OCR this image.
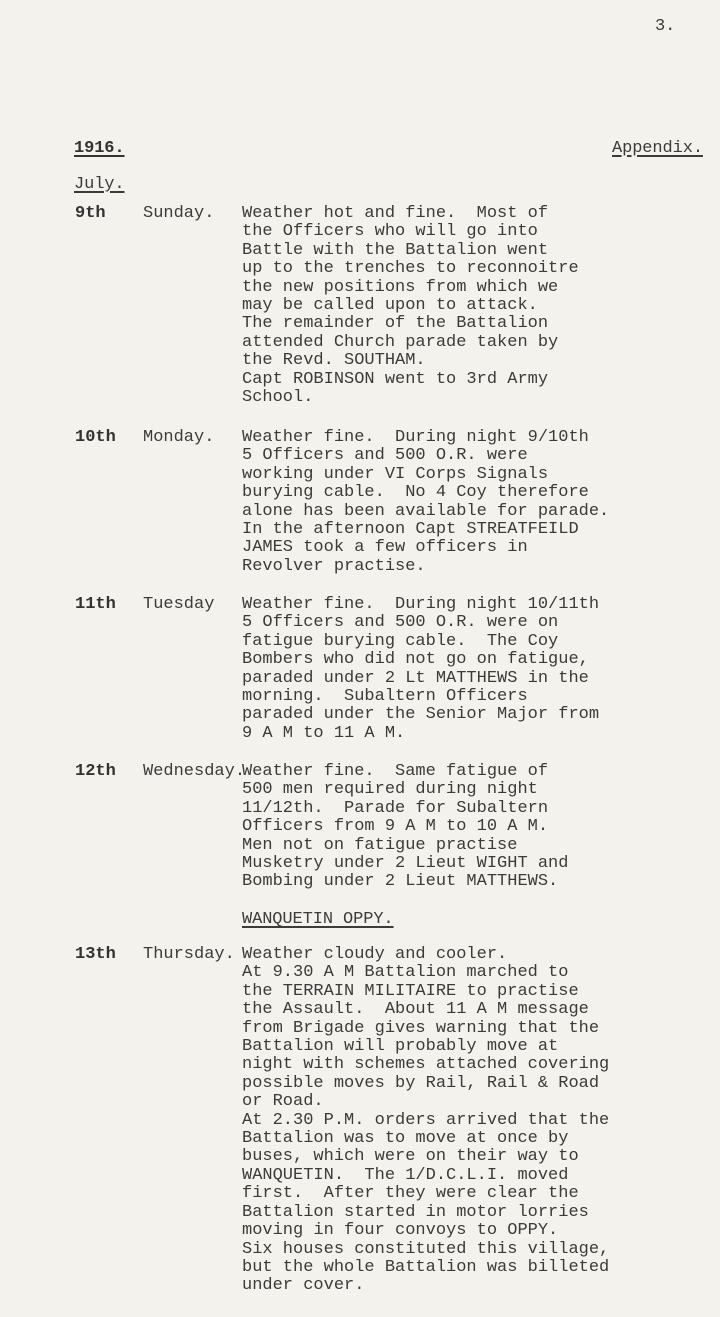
3.
1916.	Appendix.
July.
9th Sunday. Weather hot and fine.  Most of
the Officers who will go into
Battle with the Battalion went
up to the trenches to reconnoitre
the new positions from which we
may be called upon to attack.
The remainder of the Battalion
attended Church parade taken by
the Revd. SOUTHAM.
Capt ROBINSON went to 3rd Army
School.
10th Monday. Weather fine.  During night 9/10th
5 Officers and 500 O.R. were
working under VI Corps Signals
burying cable.  No 4 Coy therefore
alone has been available for parade.
In the afternoon Capt STREATFEILD
JAMES took a few officers in
Revolver practise.
11th Tuesday Weather fine.  During night 10/11th
5 Officers and 500 O.R. were on
fatigue burying cable.  The Coy
Bombers who did not go on fatigue,
paraded under 2 Lt MATTHEWS in the
morning.  Subaltern Officers
paraded under the Senior Major from
9 A M to 11 A M.
12th Wednesday.
Weather fine.  Same fatigue of
500 men required during night
11/12th.  Parade for Subaltern
Officers from 9 A M to 10 A M.
Men not on fatigue practise
Musketry under 2 Lieut WIGHT and
Bombing under 2 Lieut MATTHEWS.
WANQUETIN OPPY.
13th Thursday. Weather cloudy and cooler.
At 9.30 A M Battalion marched to
the TERRAIN MILITAIRE to practise
the Assault.  About 11 A M message
from Brigade gives warning that the
Battalion will probably move at
night with schemes attached covering
possible moves by Rail, Rail & Road
or Road.
At 2.30 P.M. orders arrived that the
Battalion was to move at once by
buses, which were on their way to
WANQUETIN.  The 1/D.C.L.I. moved
first.  After they were clear the
Battalion started in motor lorries
moving in four convoys to OPPY.
Six houses constituted this village,
but the whole Battalion was billeted
under cover.
